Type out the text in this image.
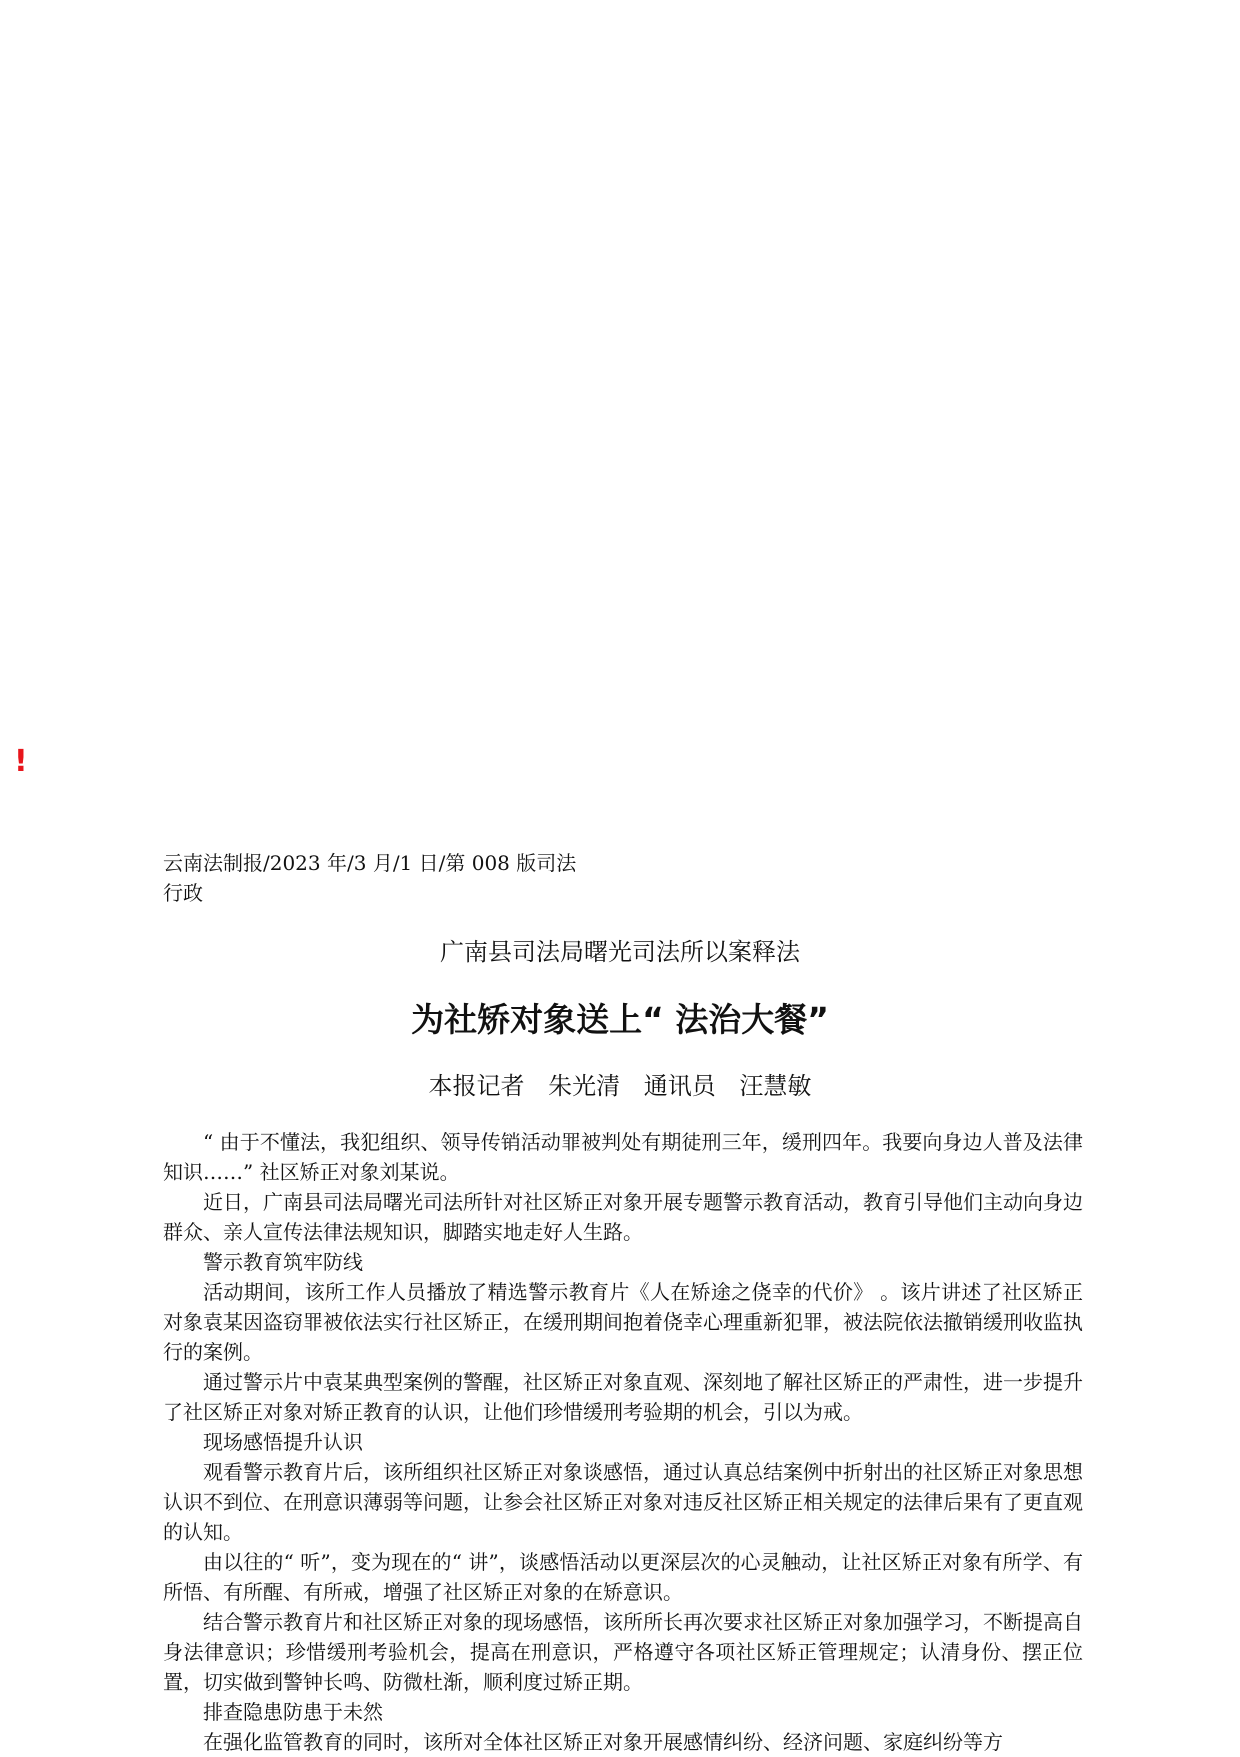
!
云南法制报/2023 年/3 月/1 日/第 008 版司法行政
广南县司法局曙光司法所以案释法
为社矫对象送上“ 法治大餐”
本报记者 朱光清 通讯员 汪慧敏

“ 由于不懂法，我犯组织、领导传销活动罪被判处有期徒刑三年，缓刑四年。我要向身边人普及法律知识……” 社区矫正对象刘某说。

近日，广南县司法局曙光司法所针对社区矫正对象开展专题警示教育活动，教育引导他们主动向身边群众、亲人宣传法律法规知识，脚踏实地走好人生路。

警示教育筑牢防线

活动期间，该所工作人员播放了精选警示教育片《人在矫途之侥幸的代价》 。该片讲述了社区矫正对象袁某因盗窃罪被依法实行社区矫正，在缓刑期间抱着侥幸心理重新犯罪，被法院依法撤销缓刑收监执行的案例。

通过警示片中袁某典型案例的警醒，社区矫正对象直观、深刻地了解社区矫正的严肃性，进一步提升了社区矫正对象对矫正教育的认识，让他们珍惜缓刑考验期的机会，引以为戒。

现场感悟提升认识

观看警示教育片后，该所组织社区矫正对象谈感悟，通过认真总结案例中折射出的社区矫正对象思想认识不到位、在刑意识薄弱等问题，让参会社区矫正对象对违反社区矫正相关规定的法律后果有了更直观的认知。

由以往的“ 听”，变为现在的“ 讲”，谈感悟活动以更深层次的心灵触动，让社区矫正对象有所学、有所悟、有所醒、有所戒，增强了社区矫正对象的在矫意识。

结合警示教育片和社区矫正对象的现场感悟，该所所长再次要求社区矫正对象加强学习，不断提高自身法律意识；珍惜缓刑考验机会，提高在刑意识，严格遵守各项社区矫正管理规定；认清身份、摆正位置，切实做到警钟长鸣、防微杜渐，顺利度过矫正期。

排查隐患防患于未然

在强化监管教育的同时，该所对全体社区矫正对象开展感情纠纷、经济问题、家庭纠纷等方
